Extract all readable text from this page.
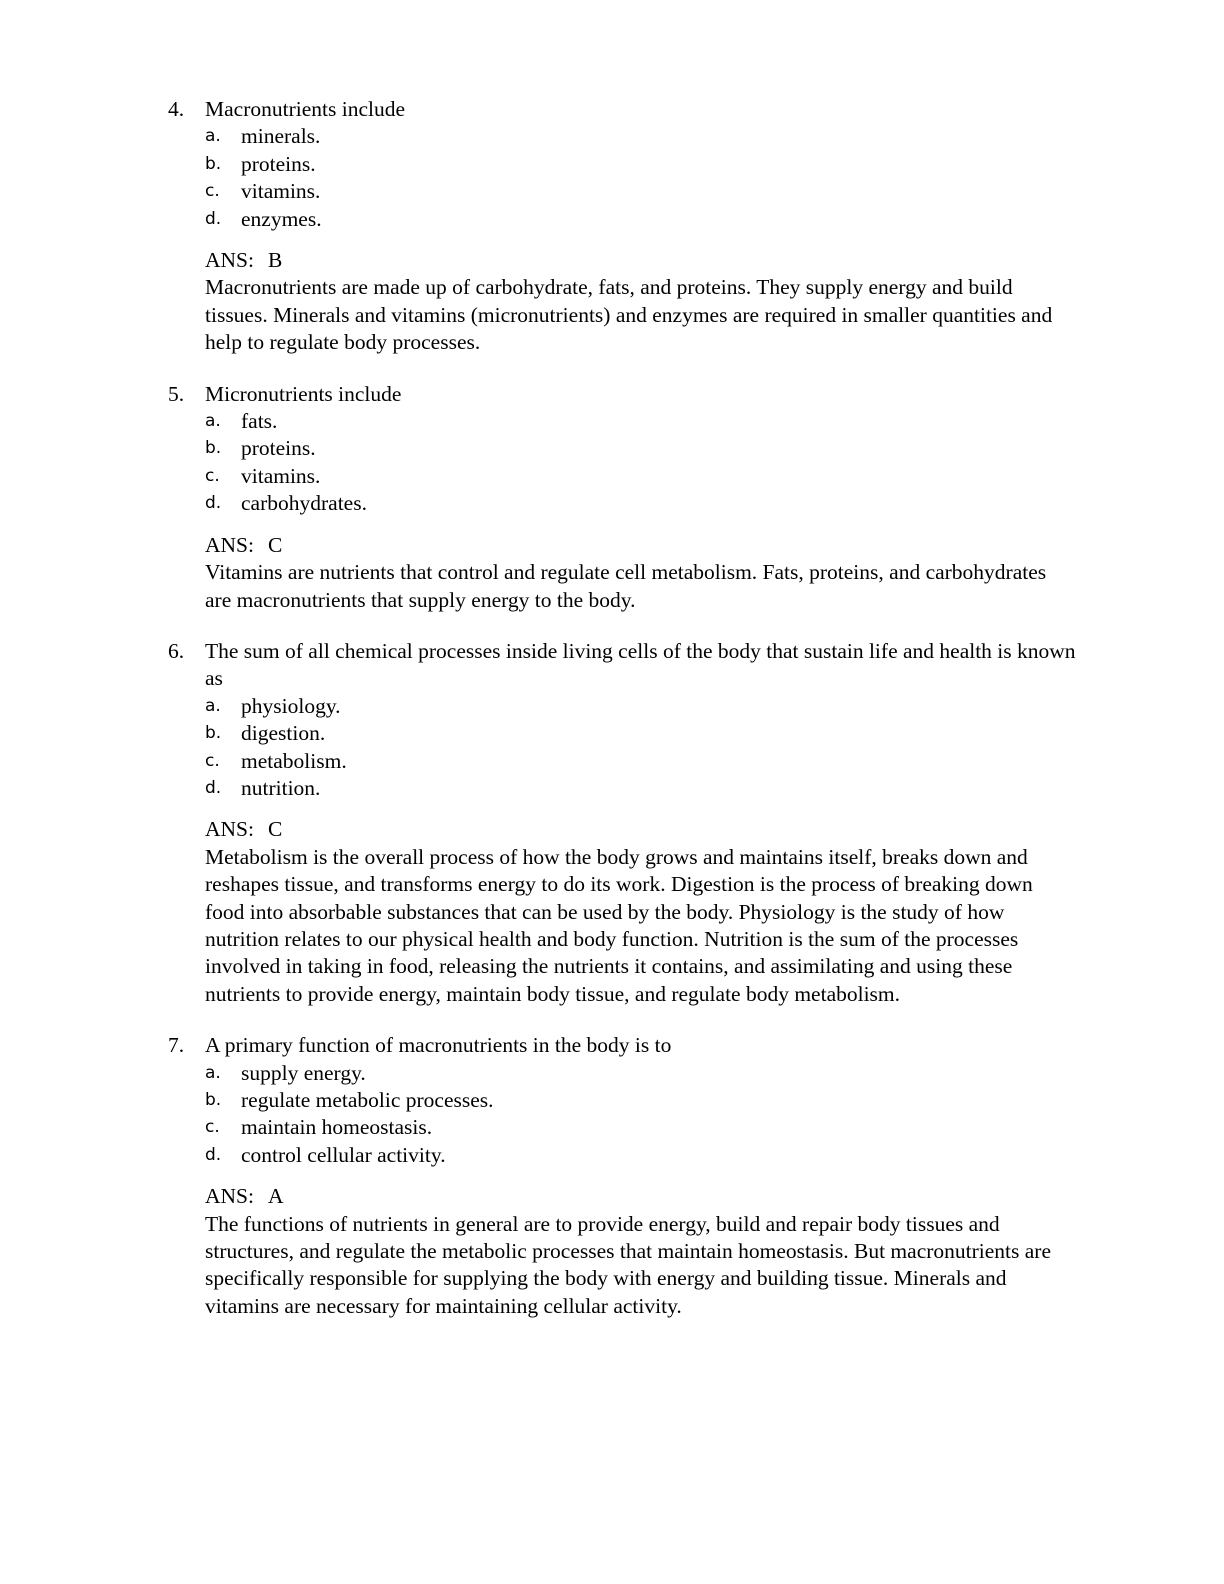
4. Macronutrients include
a. minerals.
b. proteins.
c. vitamins.
d. enzymes.
ANS: B
Macronutrients are made up of carbohydrate, fats, and proteins. They supply energy and build tissues. Minerals and vitamins (micronutrients) and enzymes are required in smaller quantities and help to regulate body processes.
5. Micronutrients include
a. fats.
b. proteins.
c. vitamins.
d. carbohydrates.
ANS: C
Vitamins are nutrients that control and regulate cell metabolism. Fats, proteins, and carbohydrates are macronutrients that supply energy to the body.
6. The sum of all chemical processes inside living cells of the body that sustain life and health is known as
a. physiology.
b. digestion.
c. metabolism.
d. nutrition.
ANS: C
Metabolism is the overall process of how the body grows and maintains itself, breaks down and reshapes tissue, and transforms energy to do its work. Digestion is the process of breaking down food into absorbable substances that can be used by the body. Physiology is the study of how nutrition relates to our physical health and body function. Nutrition is the sum of the processes involved in taking in food, releasing the nutrients it contains, and assimilating and using these nutrients to provide energy, maintain body tissue, and regulate body metabolism.
7. A primary function of macronutrients in the body is to
a. supply energy.
b. regulate metabolic processes.
c. maintain homeostasis.
d. control cellular activity.
ANS: A
The functions of nutrients in general are to provide energy, build and repair body tissues and structures, and regulate the metabolic processes that maintain homeostasis. But macronutrients are specifically responsible for supplying the body with energy and building tissue. Minerals and vitamins are necessary for maintaining cellular activity.
